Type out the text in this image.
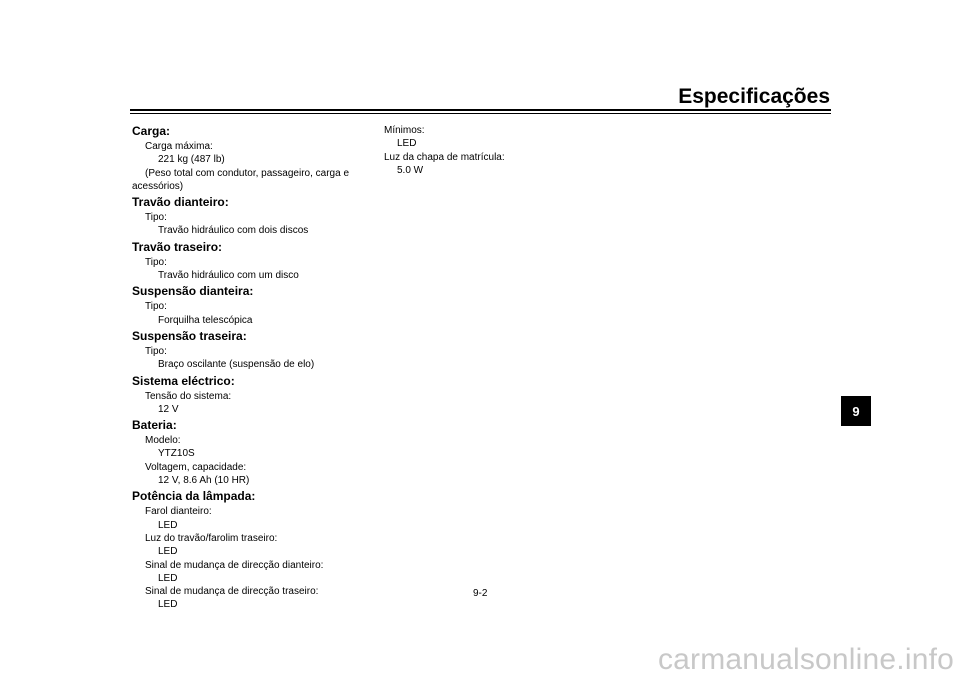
Especificações
Carga:
Carga máxima:
221 kg (487 lb)
(Peso total com condutor, passageiro, carga e
acessórios)
Travão dianteiro:
Tipo:
Travão hidráulico com dois discos
Travão traseiro:
Tipo:
Travão hidráulico com um disco
Suspensão dianteira:
Tipo:
Forquilha telescópica
Suspensão traseira:
Tipo:
Braço oscilante (suspensão de elo)
Sistema eléctrico:
Tensão do sistema:
12 V
Bateria:
Modelo:
YTZ10S
Voltagem, capacidade:
12 V, 8.6 Ah (10 HR)
Potência da lâmpada:
Farol dianteiro:
LED
Luz do travão/farolim traseiro:
LED
Sinal de mudança de direcção dianteiro:
LED
Sinal de mudança de direcção traseiro:
LED
Mínimos:
LED
Luz da chapa de matrícula:
5.0 W
9
9-2
carmanualsonline.info
